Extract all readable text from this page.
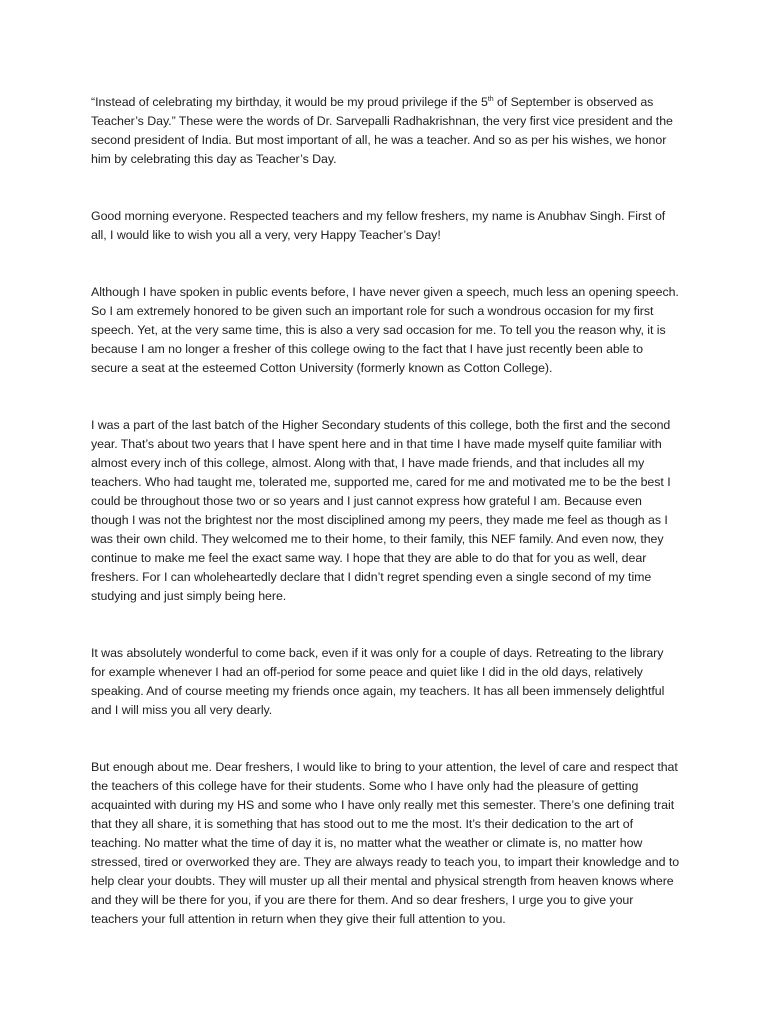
“Instead of celebrating my birthday, it would be my proud privilege if the 5th of September is observed as Teacher’s Day.” These were the words of Dr. Sarvepalli Radhakrishnan, the very first vice president and the second president of India. But most important of all, he was a teacher. And so as per his wishes, we honor him by celebrating this day as Teacher’s Day.

Good morning everyone. Respected teachers and my fellow freshers, my name is Anubhav Singh. First of all, I would like to wish you all a very, very Happy Teacher’s Day!

Although I have spoken in public events before, I have never given a speech, much less an opening speech. So I am extremely honored to be given such an important role for such a wondrous occasion for my first speech. Yet, at the very same time, this is also a very sad occasion for me. To tell you the reason why, it is because I am no longer a fresher of this college owing to the fact that I have just recently been able to secure a seat at the esteemed Cotton University (formerly known as Cotton College).

I was a part of the last batch of the Higher Secondary students of this college, both the first and the second year. That’s about two years that I have spent here and in that time I have made myself quite familiar with almost every inch of this college, almost. Along with that, I have made friends, and that includes all my teachers. Who had taught me, tolerated me, supported me, cared for me and motivated me to be the best I could be throughout those two or so years and I just cannot express how grateful I am. Because even though I was not the brightest nor the most disciplined among my peers, they made me feel as though as I was their own child. They welcomed me to their home, to their family, this NEF family. And even now, they continue to make me feel the exact same way. I hope that they are able to do that for you as well, dear freshers. For I can wholeheartedly declare that I didn’t regret spending even a single second of my time studying and just simply being here.

It was absolutely wonderful to come back, even if it was only for a couple of days. Retreating to the library for example whenever I had an off-period for some peace and quiet like I did in the old days, relatively speaking. And of course meeting my friends once again, my teachers. It has all been immensely delightful and I will miss you all very dearly.

But enough about me. Dear freshers, I would like to bring to your attention, the level of care and respect that the teachers of this college have for their students. Some who I have only had the pleasure of getting acquainted with during my HS and some who I have only really met this semester. There’s one defining trait that they all share, it is something that has stood out to me the most. It’s their dedication to the art of teaching. No matter what the time of day it is, no matter what the weather or climate is, no matter how stressed, tired or overworked they are. They are always ready to teach you, to impart their knowledge and to help clear your doubts. They will muster up all their mental and physical strength from heaven knows where and they will be there for you, if you are there for them. And so dear freshers, I urge you to give your teachers your full attention in return when they give their full attention to you.
